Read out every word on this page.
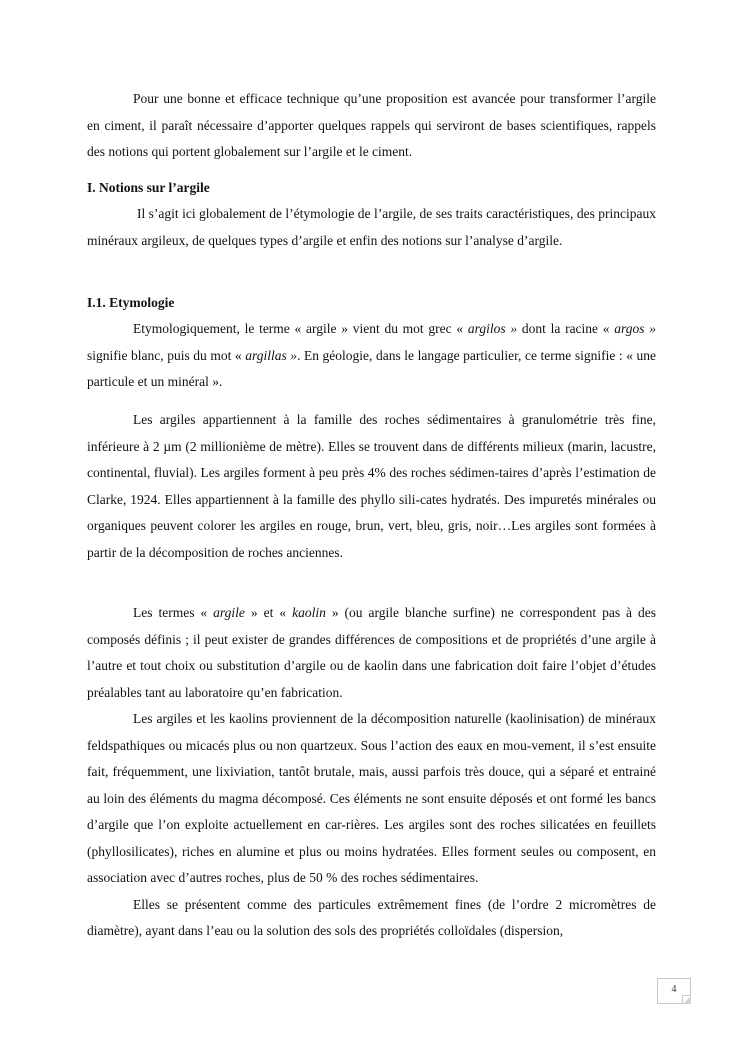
Pour une bonne et efficace technique qu’une proposition est avancée pour transformer l’argile en ciment, il paraît nécessaire d’apporter quelques rappels qui serviront de bases scientifiques, rappels des notions qui portent globalement sur l’argile et le ciment.

I. Notions sur l’argile

Il s’agit ici globalement de l’étymologie de l’argile, de ses traits caractéristiques, des principaux minéraux argileux, de quelques types d’argile et enfin des notions sur l’analyse d’argile.

I.1. Etymologie

Etymologiquement, le terme « argile » vient du mot grec « argilos » dont la racine « argos » signifie blanc, puis du mot « argillas ». En géologie, dans le langage particulier, ce terme signifie : « une particule et un minéral ».

Les argiles appartiennent à la famille des roches sédimentaires à granulométrie très fine, inférieure à 2 µm (2 millionième de mètre). Elles se trouvent dans de différents milieux (marin, lacustre, continental, fluvial). Les argiles forment à peu près 4% des roches sédimen-taires d’après l’estimation de Clarke, 1924. Elles appartiennent à la famille des phyllo sili-cates hydratés. Des impuretés minérales ou organiques peuvent colorer les argiles en rouge, brun, vert, bleu, gris, noir…Les argiles sont formées à partir de la décomposition de roches anciennes.

Les termes « argile » et « kaolin » (ou argile blanche surfine) ne correspondent pas à des composés définis ; il peut exister de grandes différences de compositions et de propriétés d’une argile à l’autre et tout choix ou substitution d’argile ou de kaolin dans une fabrication doit faire l’objet d’études préalables tant au laboratoire qu’en fabrication.

Les argiles et les kaolins proviennent de la décomposition naturelle (kaolinisation) de minéraux feldspathiques ou micacés plus ou non quartzeux. Sous l’action des eaux en mou-vement, il s’est ensuite fait, fréquemment, une lixiviation, tantôt brutale, mais, aussi parfois très douce, qui a séparé et entrainé au loin des éléments du magma décomposé. Ces éléments ne sont ensuite déposés et ont formé les bancs d’argile que l’on exploite actuellement en car-rières. Les argiles sont des roches silicatées en feuillets (phyllosilicates), riches en alumine et plus ou moins hydratées. Elles forment seules ou composent, en association avec d’autres roches, plus de 50 % des roches sédimentaires.

Elles se présentent comme des particules extrêmement fines (de l’ordre 2 micromètres de diamètre), ayant dans l’eau ou la solution des sols des propriétés colloïdales (dispersion,

4
